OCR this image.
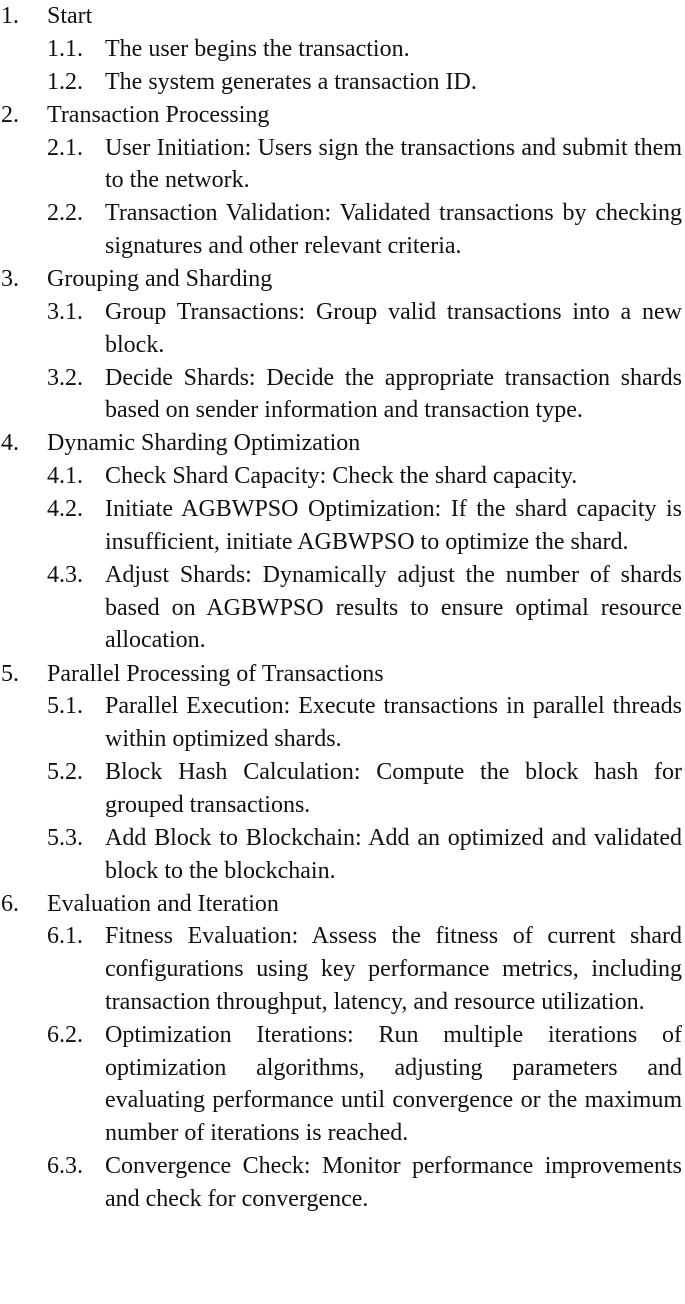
1.	Start
1.1. The user begins the transaction.
1.2. The system generates a transaction ID.
2.	Transaction Processing
2.1. User Initiation: Users sign the transactions and submit them to the network.
2.2. Transaction Validation: Validated transactions by checking signatures and other relevant criteria.
3.	Grouping and Sharding
3.1. Group Transactions: Group valid transactions into a new block.
3.2. Decide Shards: Decide the appropriate transaction shards based on sender information and transaction type.
4.	Dynamic Sharding Optimization
4.1. Check Shard Capacity: Check the shard capacity.
4.2. Initiate AGBWPSO Optimization: If the shard capacity is insufficient, initiate AGBWPSO to optimize the shard.
4.3. Adjust Shards: Dynamically adjust the number of shards based on AGBWPSO results to ensure optimal resource allocation.
5.	Parallel Processing of Transactions
5.1. Parallel Execution: Execute transactions in parallel threads within optimized shards.
5.2. Block Hash Calculation: Compute the block hash for grouped transactions.
5.3. Add Block to Blockchain: Add an optimized and validated block to the blockchain.
6.	Evaluation and Iteration
6.1. Fitness Evaluation: Assess the fitness of current shard configurations using key performance metrics, including transaction throughput, latency, and resource utilization.
6.2. Optimization Iterations: Run multiple iterations of optimization algorithms, adjusting parameters and evaluating performance until convergence or the maximum number of iterations is reached.
6.3. Convergence Check: Monitor performance improvements and check for convergence.
